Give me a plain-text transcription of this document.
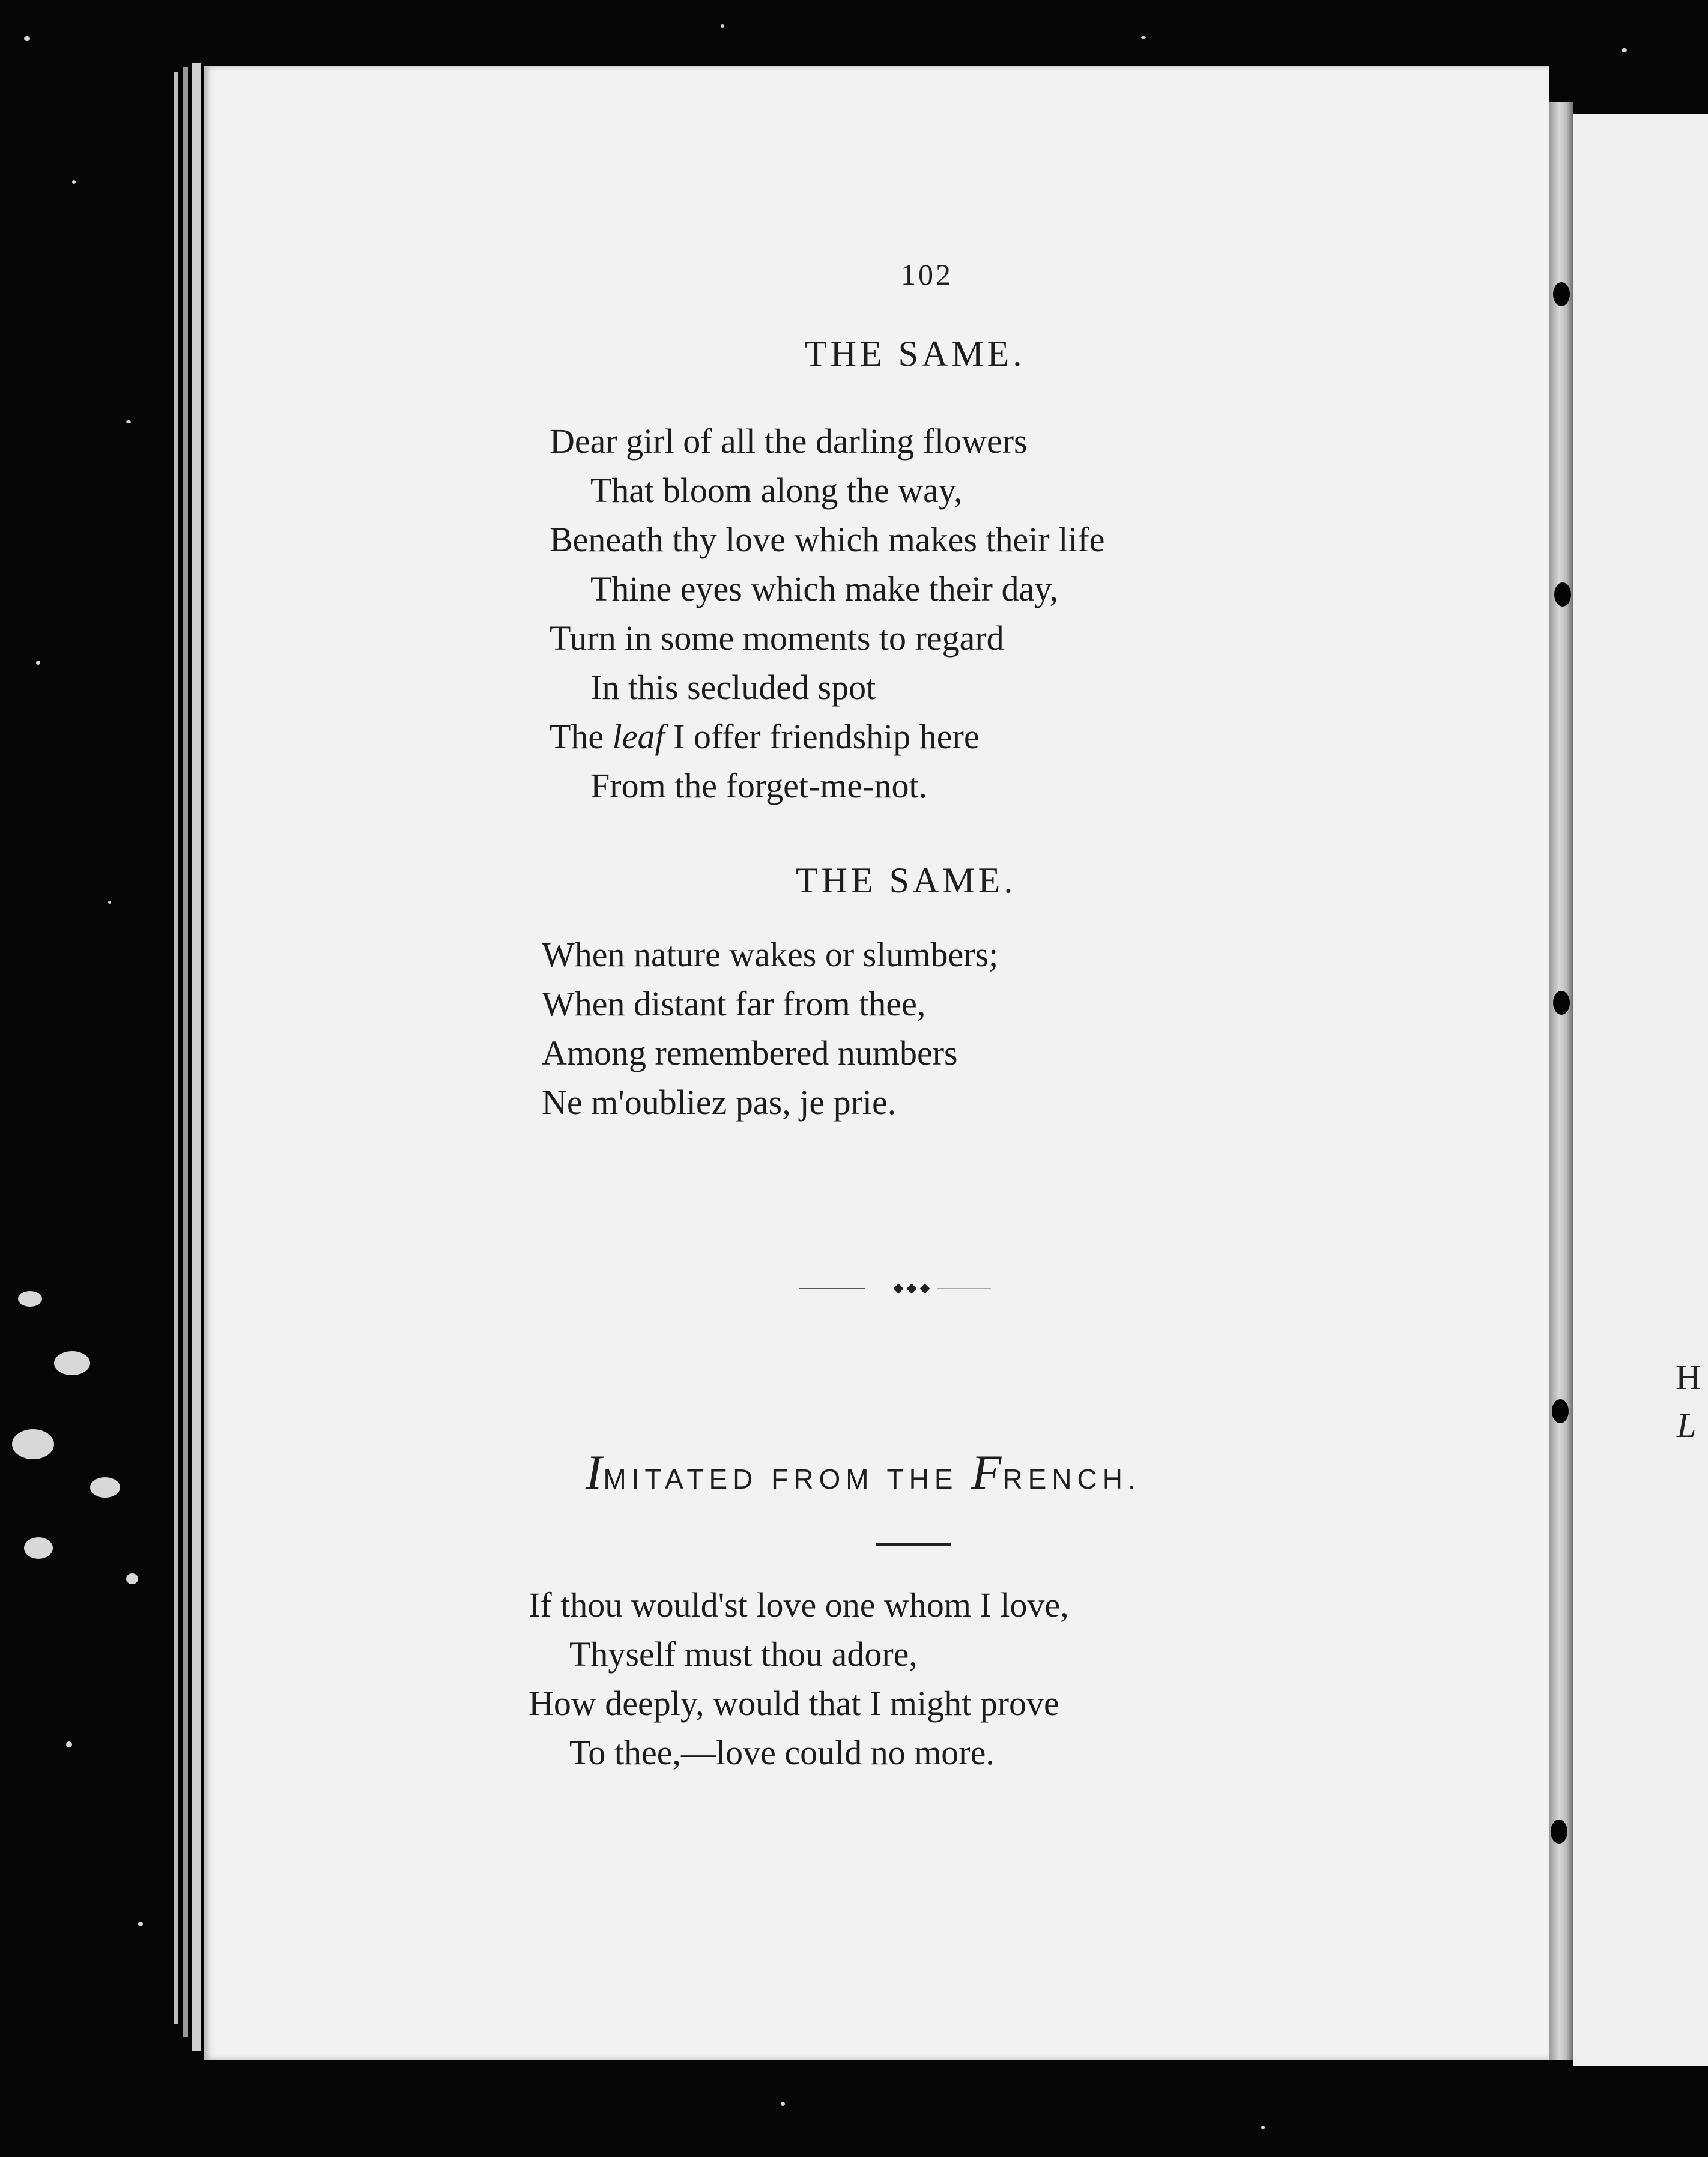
H
L
102
THE SAME.
Dear girl of all the darling flowers
That bloom along the way,
Beneath thy love which makes their life
Thine eyes which make their day,
Turn in some moments to regard
In this secluded spot
The leaf I offer friendship here
From the forget-me-not.
THE SAME.
When nature wakes or slumbers;
When distant far from thee,
Among remembered numbers
Ne m'oubliez pas, je prie.
IMITATED FROM THE FRENCH.
If thou would'st love one whom I love,
Thyself must thou adore,
How deeply, would that I might prove
To thee,—love could no more.
